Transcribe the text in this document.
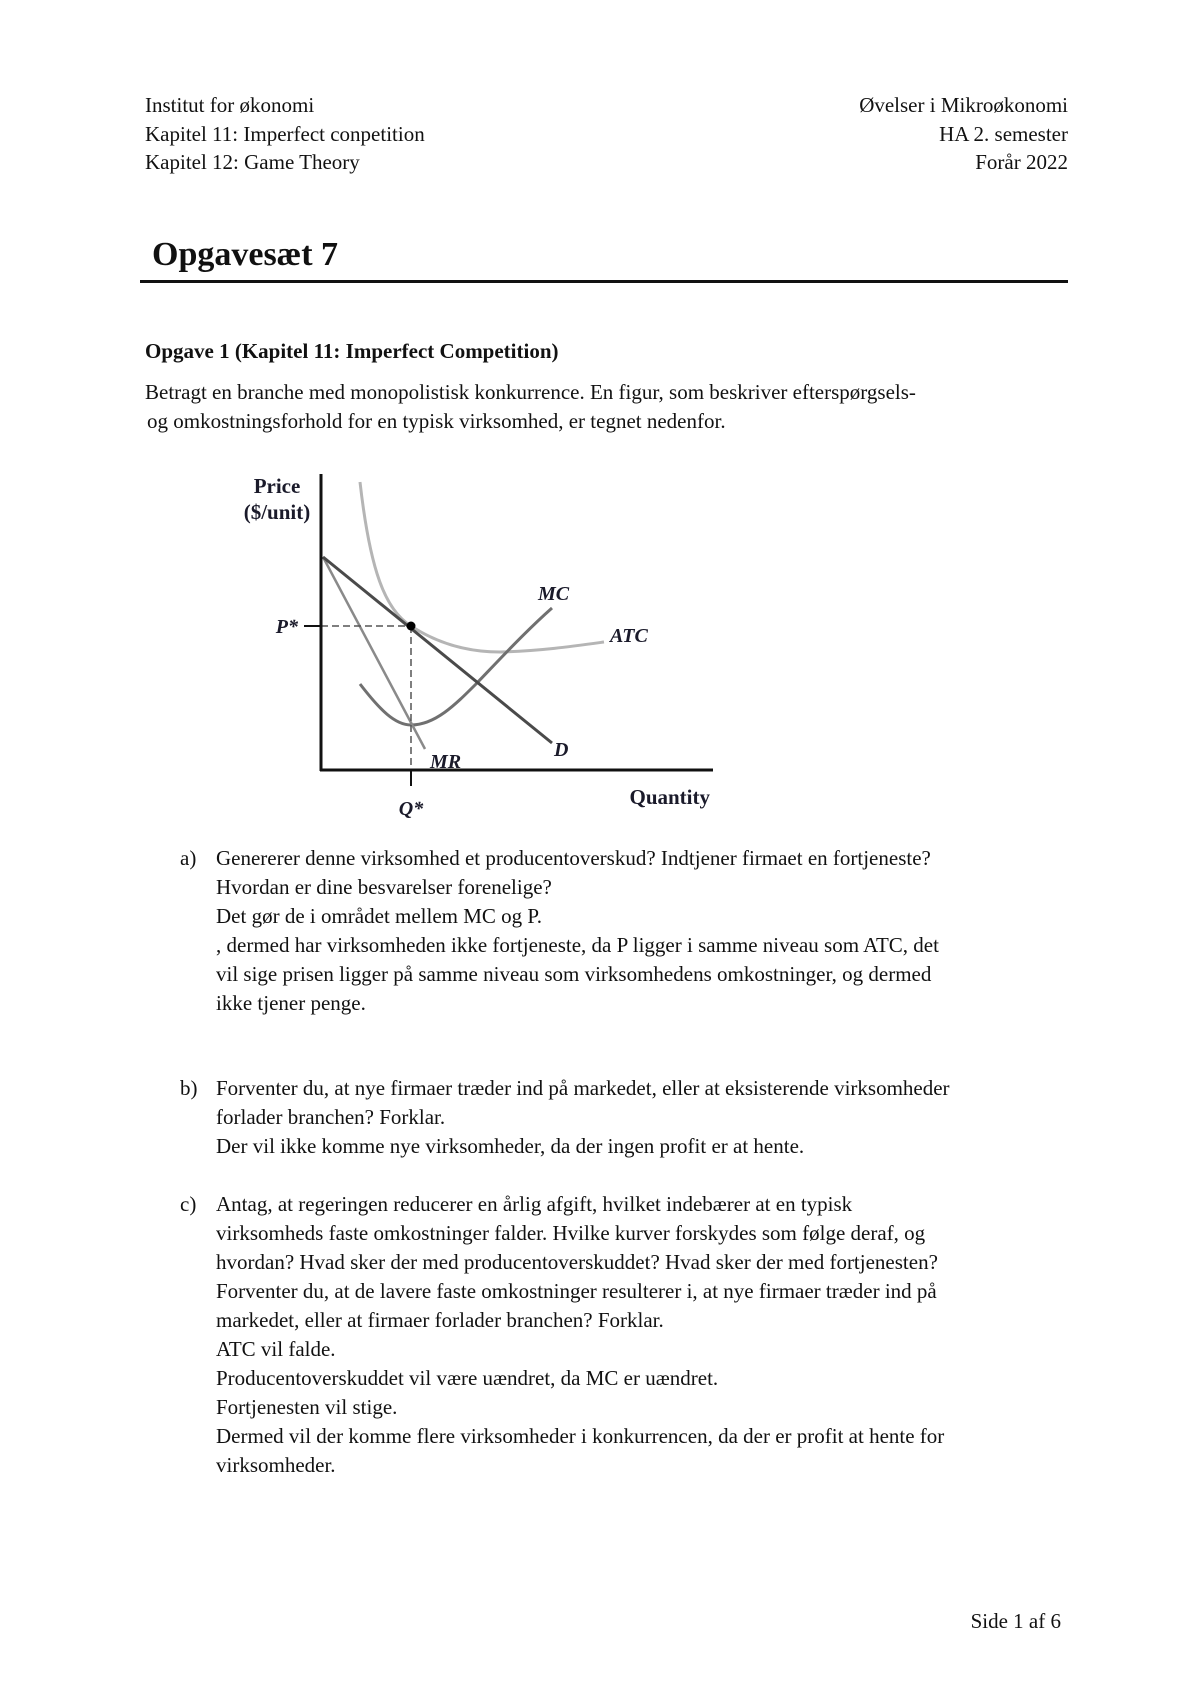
Institut for økonomi
Kapitel 11: Imperfect conpetition
Kapitel 12: Game Theory
Øvelser i Mikroøkonomi
HA 2. semester
Forår 2022
Opgavesæt 7
Opgave 1 (Kapitel 11: Imperfect Competition)
Betragt en branche med monopolistisk konkurrence. En figur, som beskriver efterspørgsels-
og omkostningsforhold for en typisk virksomhed, er tegnet nedenfor.
Price
($/unit)
P*
Q*
MR
D
MC
ATC
Quantity
a) Genererer denne virksomhed et producentoverskud? Indtjener firmaet en fortjeneste?
Hvordan er dine besvarelser forenelige?
Det gør de i området mellem MC og P.
, dermed har virksomheden ikke fortjeneste, da P ligger i samme niveau som ATC, det
vil sige prisen ligger på samme niveau som virksomhedens omkostninger, og dermed
ikke tjener penge.
b) Forventer du, at nye firmaer træder ind på markedet, eller at eksisterende virksomheder
forlader branchen? Forklar.
Der vil ikke komme nye virksomheder, da der ingen profit er at hente.
c) Antag, at regeringen reducerer en årlig afgift, hvilket indebærer at en typisk
virksomheds faste omkostninger falder. Hvilke kurver forskydes som følge deraf, og
hvordan? Hvad sker der med producentoverskuddet? Hvad sker der med fortjenesten?
Forventer du, at de lavere faste omkostninger resulterer i, at nye firmaer træder ind på
markedet, eller at firmaer forlader branchen? Forklar.
ATC vil falde.
Producentoverskuddet vil være uændret, da MC er uændret.
Fortjenesten vil stige.
Dermed vil der komme flere virksomheder i konkurrencen, da der er profit at hente for
virksomheder.
Side 1 af 6
